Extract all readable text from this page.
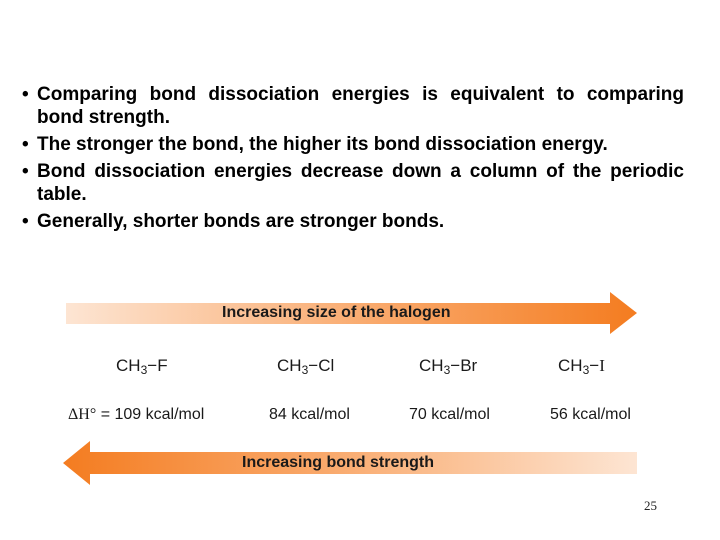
• Comparing bond dissociation energies is equivalent to comparing bond strength.
• The stronger the bond, the higher its bond dissociation energy.
• Bond dissociation energies decrease down a column of the periodic table.
• Generally, shorter bonds are stronger bonds.
Increasing size of the halogen
Increasing bond strength
$CH_3-F$	$CH_3-Cl$	$CH_3-Br$	$CH_3-I$
ΔH° = 109 kcal/mol	84 kcal/mol	70 kcal/mol	56 kcal/mol
25
